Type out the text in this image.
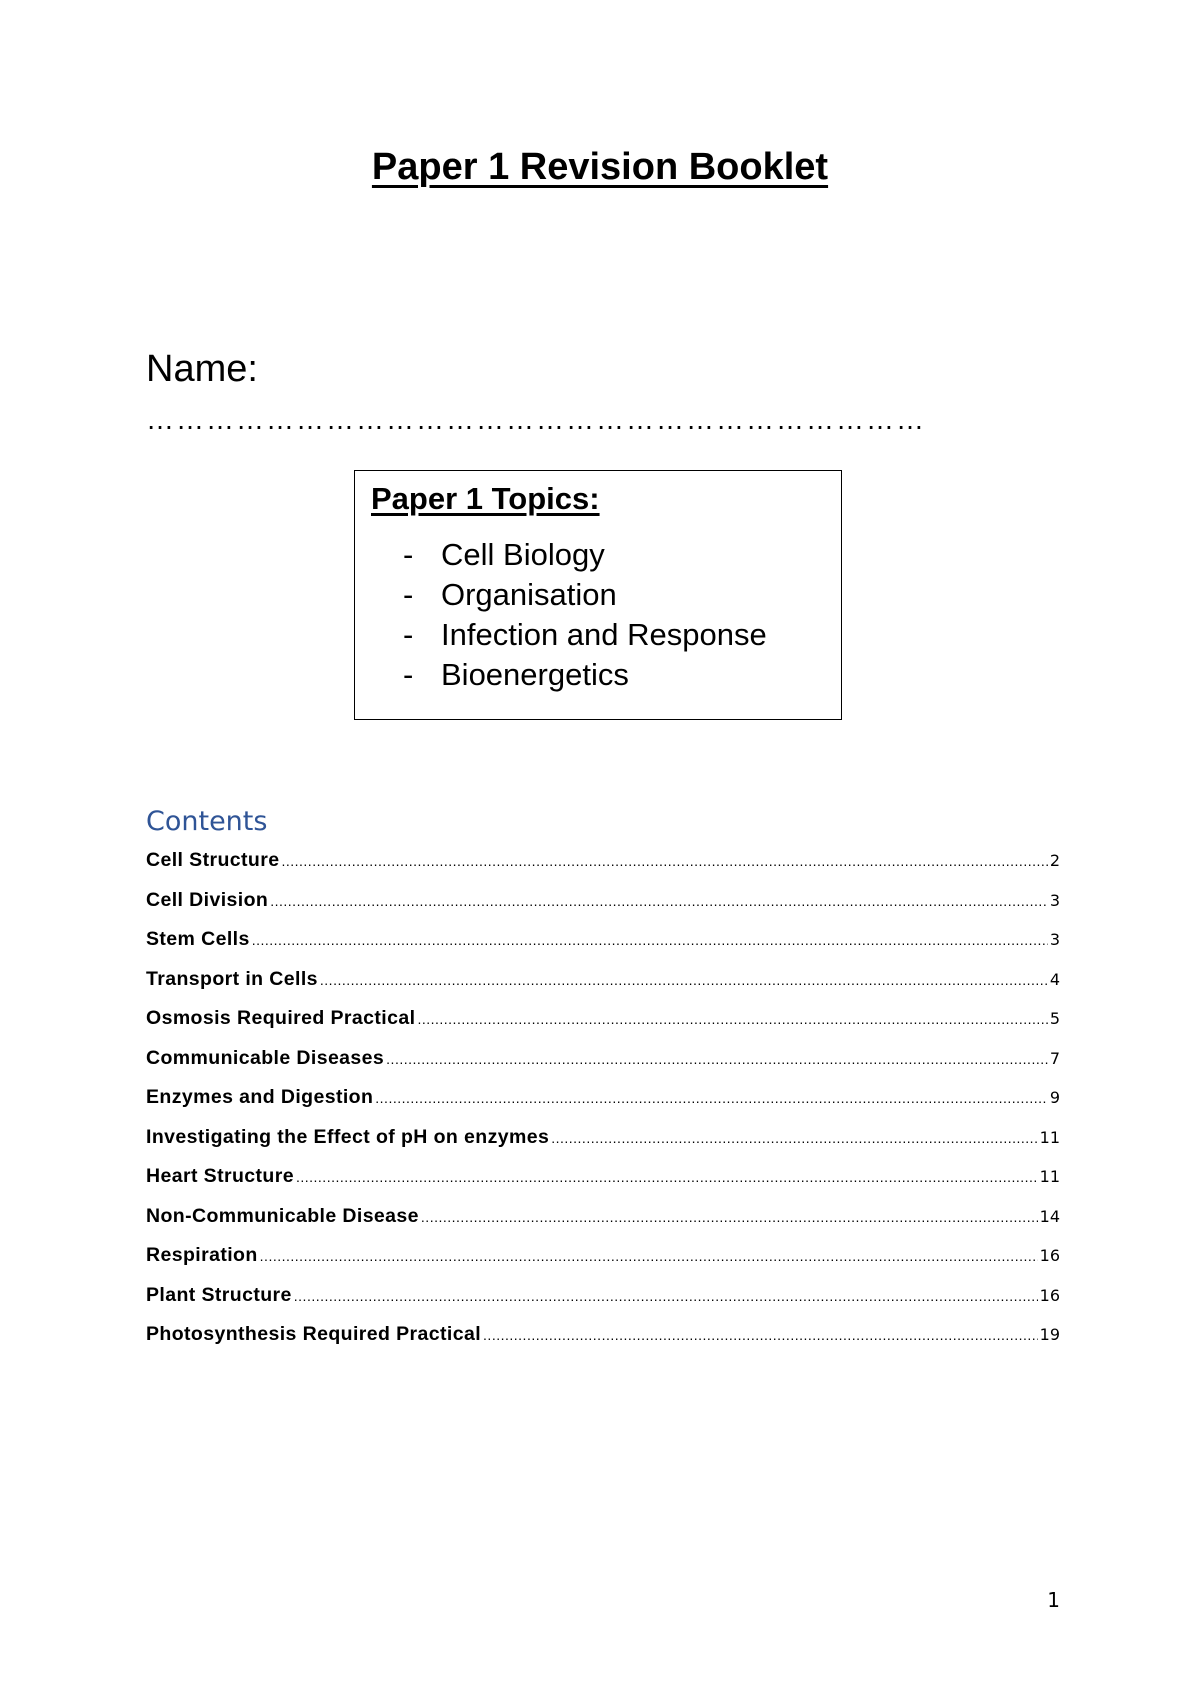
Paper 1 Revision Booklet

Name:

……………………………………………………………………

Paper 1 Topics:

- Cell Biology
- Organisation
- Infection and Response
- Bioenergetics
Contents
Cell Structure .....	2
Cell Division .....	3
Stem Cells .....	3
Transport in Cells .....	4
Osmosis Required Practical .....	5
Communicable Diseases .....	7
Enzymes and Digestion .....	9
Investigating the Effect of pH on enzymes .....	11
Heart Structure .....	11
Non-Communicable Disease .....	14
Respiration .....	16
Plant Structure .....	16
Photosynthesis Required Practical .....	19

1
